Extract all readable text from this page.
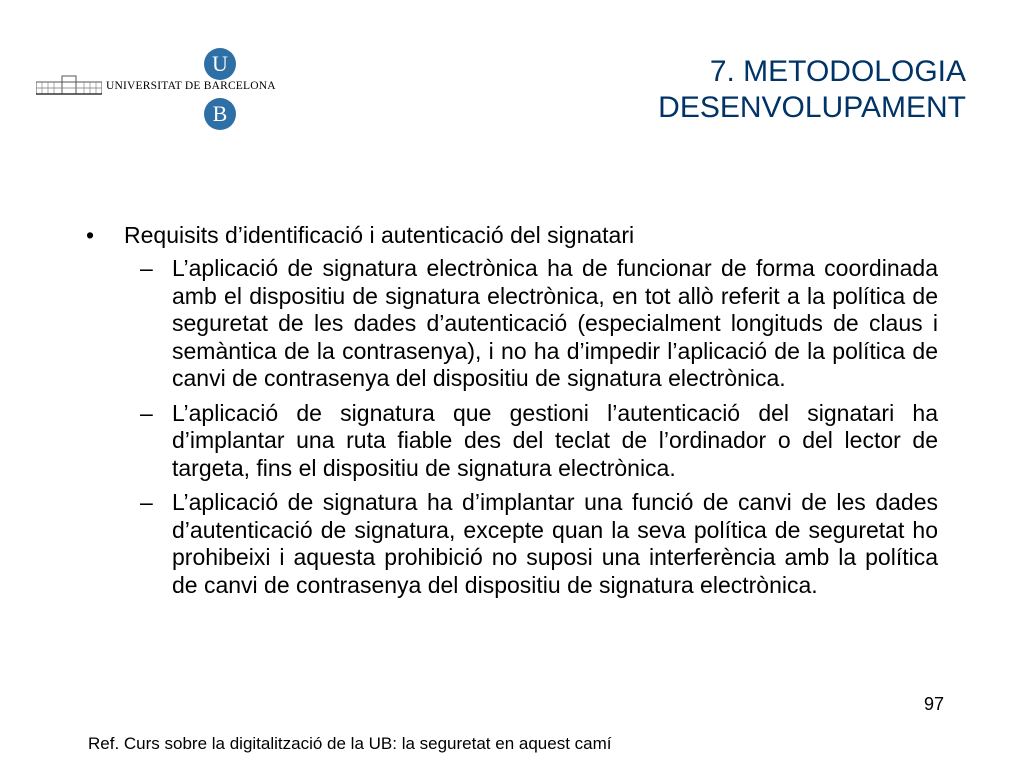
U
UNIVERSITAT DE BARCELONA
B
7. METODOLOGIA
DESENVOLUPAMENT
• Requisits d’identificació i autenticació del signatari
– L’aplicació de signatura electrònica ha de funcionar de forma coordinada amb el dispositiu de signatura electrònica, en tot allò referit a la política de seguretat de les dades d’autenticació (especialment longituds de claus i semàntica de la contrasenya), i no ha d’impedir l’aplicació de la política de canvi de contrasenya del dispositiu de signatura electrònica.
– L’aplicació de signatura que gestioni l’autenticació del signatari ha d’implantar una ruta fiable des del teclat de l’ordinador o del lector de targeta, fins el dispositiu de signatura electrònica.
– L’aplicació de signatura ha d’implantar una funció de canvi de les dades d’autenticació de signatura, excepte quan la seva política de seguretat ho prohibeixi i aquesta prohibició no suposi una interferència amb la política de canvi de contrasenya del dispositiu de signatura electrònica.
97
Ref. Curs sobre la digitalització de la UB: la seguretat en aquest camí
